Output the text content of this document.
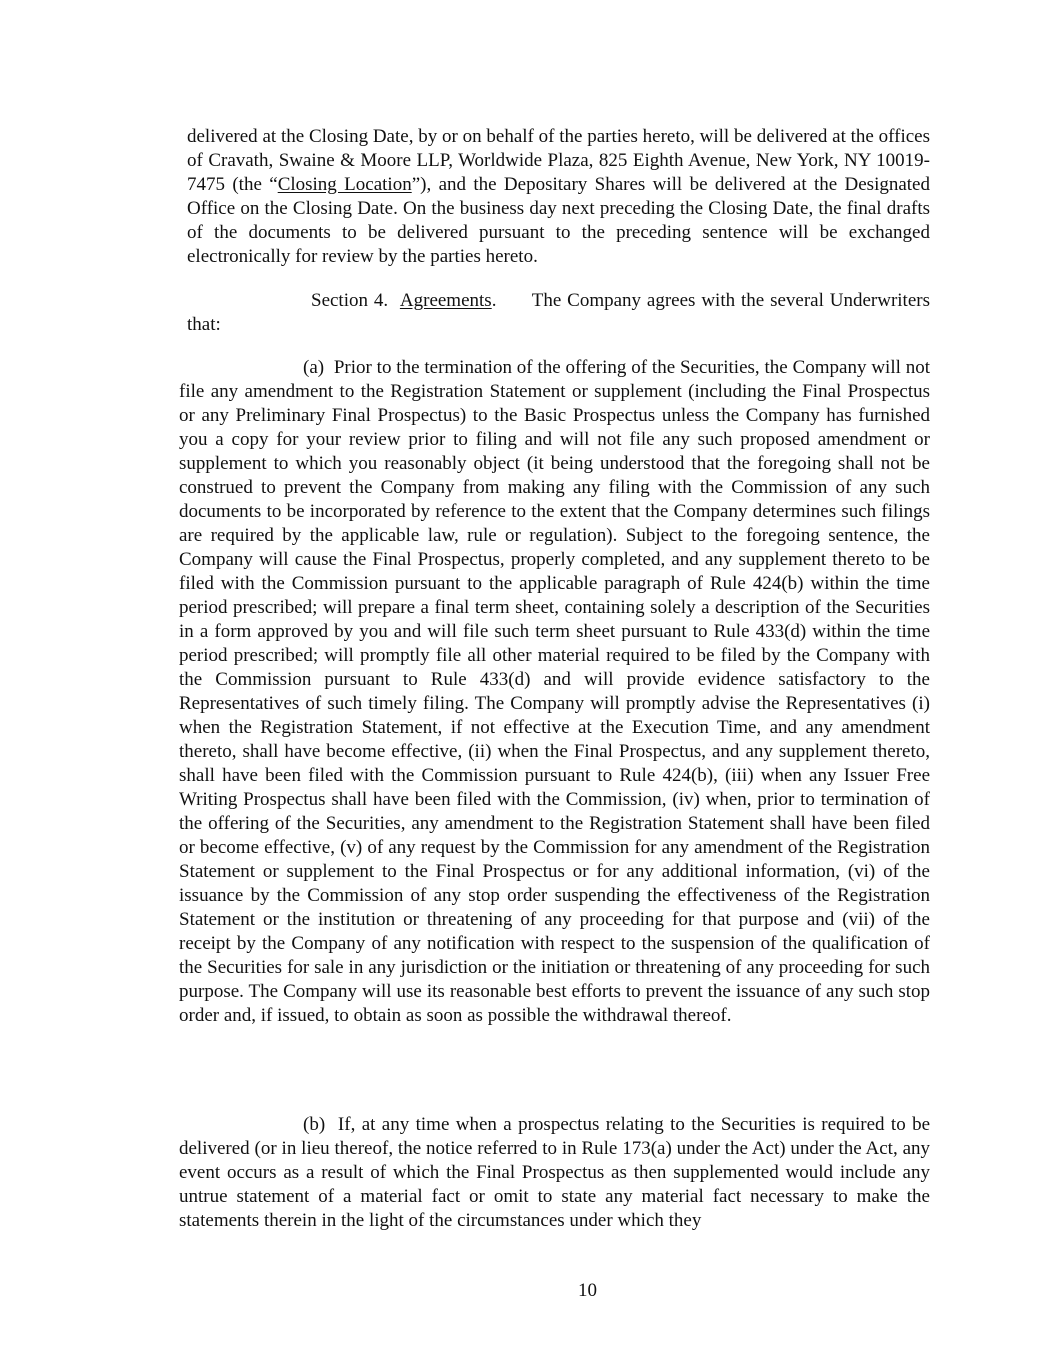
delivered at the Closing Date, by or on behalf of the parties hereto, will be delivered at the offices of Cravath, Swaine & Moore LLP, Worldwide Plaza, 825 Eighth Avenue, New York, NY 10019-7475 (the “Closing Location”), and the Depositary Shares will be delivered at the Designated Office on the Closing Date. On the business day next preceding the Closing Date, the final drafts of the documents to be delivered pursuant to the preceding sentence will be exchanged electronically for review by the parties hereto.

Section 4. Agreements. The Company agrees with the several Underwriters that:

(a) Prior to the termination of the offering of the Securities, the Company will not file any amendment to the Registration Statement or supplement (including the Final Prospectus or any Preliminary Final Prospectus) to the Basic Prospectus unless the Company has furnished you a copy for your review prior to filing and will not file any such proposed amendment or supplement to which you reasonably object (it being understood that the foregoing shall not be construed to prevent the Company from making any filing with the Commission of any such documents to be incorporated by reference to the extent that the Company determines such filings are required by the applicable law, rule or regulation). Subject to the foregoing sentence, the Company will cause the Final Prospectus, properly completed, and any supplement thereto to be filed with the Commission pursuant to the applicable paragraph of Rule 424(b) within the time period prescribed; will prepare a final term sheet, containing solely a description of the Securities in a form approved by you and will file such term sheet pursuant to Rule 433(d) within the time period prescribed; will promptly file all other material required to be filed by the Company with the Commission pursuant to Rule 433(d) and will provide evidence satisfactory to the Representatives of such timely filing. The Company will promptly advise the Representatives (i) when the Registration Statement, if not effective at the Execution Time, and any amendment thereto, shall have become effective, (ii) when the Final Prospectus, and any supplement thereto, shall have been filed with the Commission pursuant to Rule 424(b), (iii) when any Issuer Free Writing Prospectus shall have been filed with the Commission, (iv) when, prior to termination of the offering of the Securities, any amendment to the Registration Statement shall have been filed or become effective, (v) of any request by the Commission for any amendment of the Registration Statement or supplement to the Final Prospectus or for any additional information, (vi) of the issuance by the Commission of any stop order suspending the effectiveness of the Registration Statement or the institution or threatening of any proceeding for that purpose and (vii) of the receipt by the Company of any notification with respect to the suspension of the qualification of the Securities for sale in any jurisdiction or the initiation or threatening of any proceeding for such purpose. The Company will use its reasonable best efforts to prevent the issuance of any such stop order and, if issued, to obtain as soon as possible the withdrawal thereof.

(b) If, at any time when a prospectus relating to the Securities is required to be delivered (or in lieu thereof, the notice referred to in Rule 173(a) under the Act) under the Act, any event occurs as a result of which the Final Prospectus as then supplemented would include any untrue statement of a material fact or omit to state any material fact necessary to make the statements therein in the light of the circumstances under which they

10
